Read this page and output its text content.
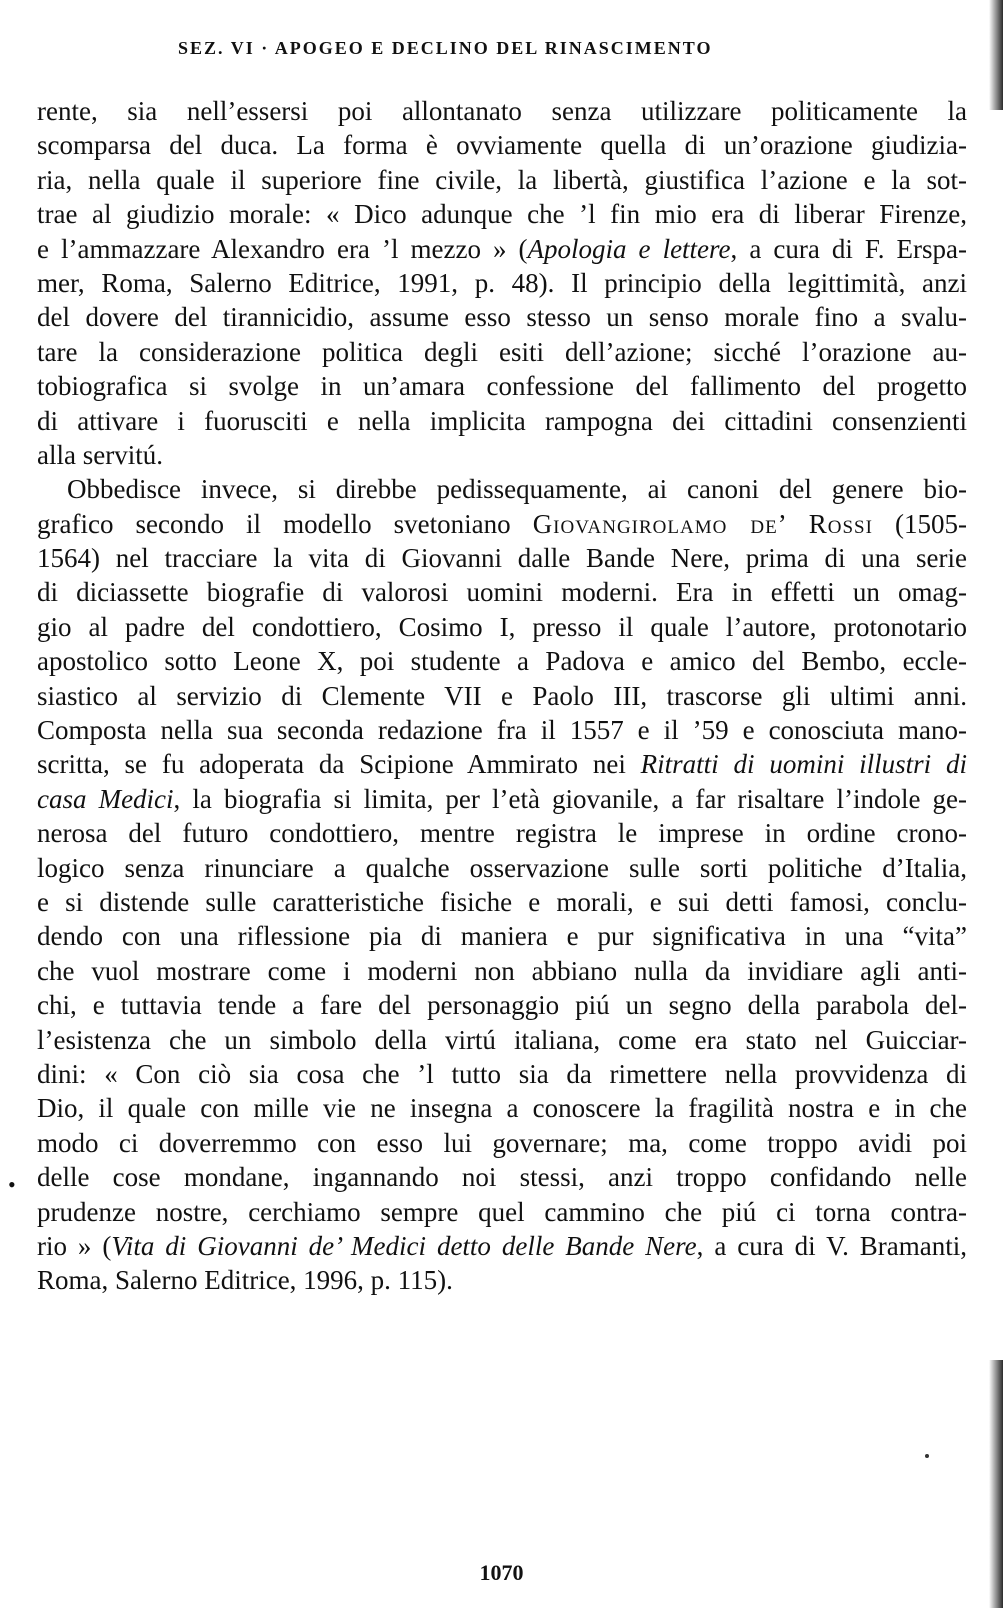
SEZ. VI · APOGEO E DECLINO DEL RINASCIMENTO
rente, sia nell’essersi poi allontanato senza utilizzare politicamente la
scomparsa del duca. La forma è ovviamente quella di un’orazione giudizia-
ria, nella quale il superiore fine civile, la libertà, giustifica l’azione e la sot-
trae al giudizio morale: « Dico adunque che ’l fin mio era di liberar Firenze,
e l’ammazzare Alexandro era ’l mezzo » (Apologia e lettere, a cura di F. Erspa-
mer, Roma, Salerno Editrice, 1991, p. 48). Il principio della legittimità, anzi
del dovere del tirannicidio, assume esso stesso un senso morale fino a svalu-
tare la considerazione politica degli esiti dell’azione; sicché l’orazione au-
tobiografica si svolge in un’amara confessione del fallimento del progetto
di attivare i fuorusciti e nella implicita rampogna dei cittadini consenzienti
alla servitú.
Obbedisce invece, si direbbe pedissequamente, ai canoni del genere bio-
grafico secondo il modello svetoniano Giovangirolamo de’ Rossi (1505-
1564) nel tracciare la vita di Giovanni dalle Bande Nere, prima di una serie
di diciassette biografie di valorosi uomini moderni. Era in effetti un omag-
gio al padre del condottiero, Cosimo I, presso il quale l’autore, protonotario
apostolico sotto Leone X, poi studente a Padova e amico del Bembo, eccle-
siastico al servizio di Clemente VII e Paolo III, trascorse gli ultimi anni.
Composta nella sua seconda redazione fra il 1557 e il ’59 e conosciuta mano-
scritta, se fu adoperata da Scipione Ammirato nei Ritratti di uomini illustri di
casa Medici, la biografia si limita, per l’età giovanile, a far risaltare l’indole ge-
nerosa del futuro condottiero, mentre registra le imprese in ordine crono-
logico senza rinunciare a qualche osservazione sulle sorti politiche d’Italia,
e si distende sulle caratteristiche fisiche e morali, e sui detti famosi, conclu-
dendo con una riflessione pia di maniera e pur significativa in una “vita”
che vuol mostrare come i moderni non abbiano nulla da invidiare agli anti-
chi, e tuttavia tende a fare del personaggio piú un segno della parabola del-
l’esistenza che un simbolo della virtú italiana, come era stato nel Guicciar-
dini: « Con ciò sia cosa che ’l tutto sia da rimettere nella provvidenza di
Dio, il quale con mille vie ne insegna a conoscere la fragilità nostra e in che
modo ci doverremmo con esso lui governare; ma, come troppo avidi poi
delle cose mondane, ingannando noi stessi, anzi troppo confidando nelle
prudenze nostre, cerchiamo sempre quel cammino che piú ci torna contra-
rio » (Vita di Giovanni de’ Medici detto delle Bande Nere, a cura di V. Bramanti,
Roma, Salerno Editrice, 1996, p. 115).
•
1070
